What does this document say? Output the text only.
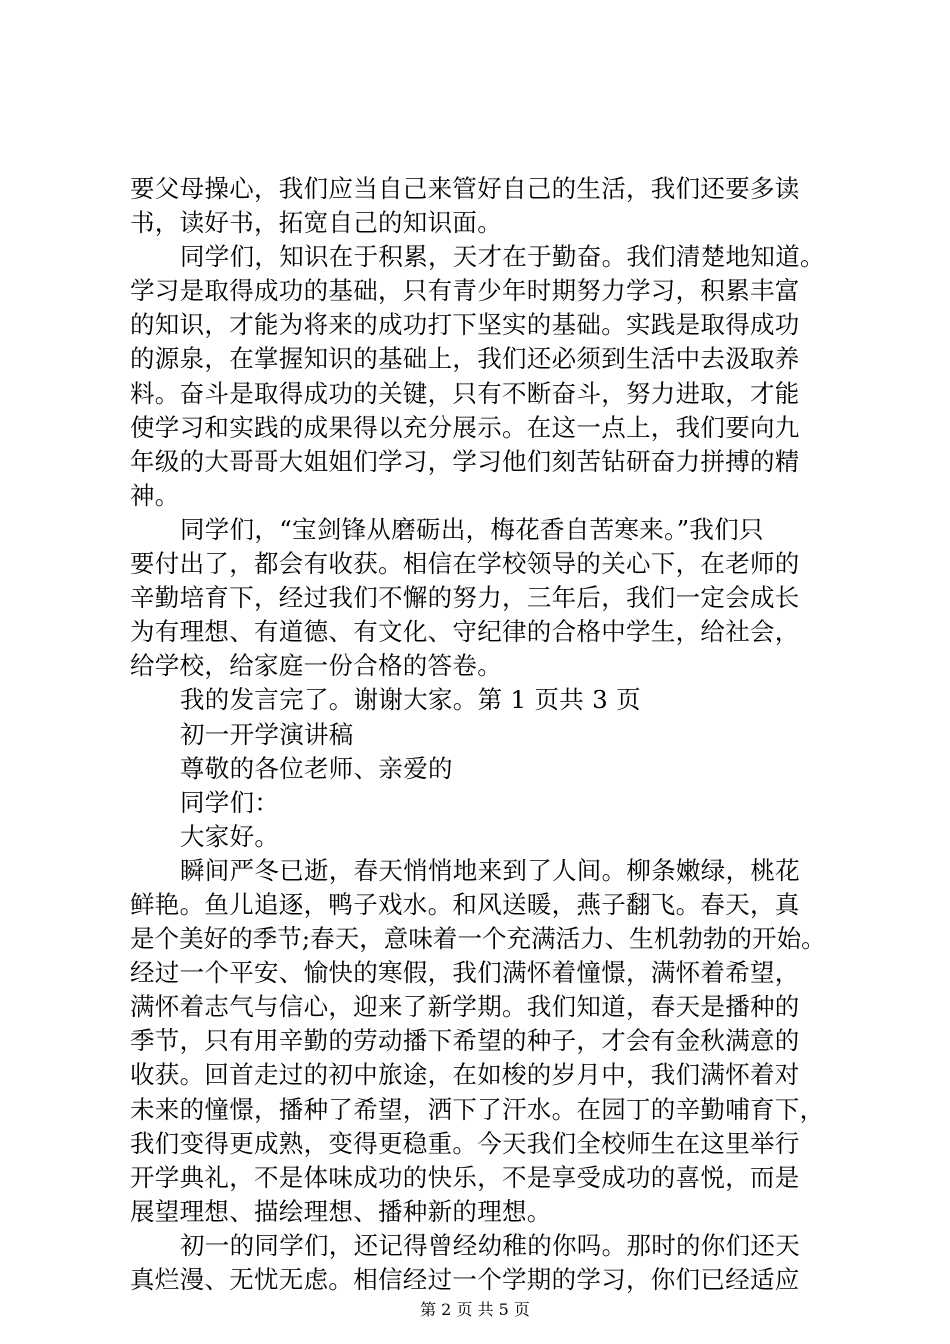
要父母操心，我们应当自己来管好自己的生活，我们还要多读
书，读好书，拓宽自己的知识面。
同学们，知识在于积累，天才在于勤奋。我们清楚地知道。
学习是取得成功的基础，只有青少年时期努力学习，积累丰富
的知识，才能为将来的成功打下坚实的基础。实践是取得成功
的源泉，在掌握知识的基础上，我们还必须到生活中去汲取养
料。奋斗是取得成功的关键，只有不断奋斗，努力进取，才能
使学习和实践的成果得以充分展示。在这一点上，我们要向九
年级的大哥哥大姐姐们学习，学习他们刻苦钻研奋力拼搏的精
神。
同学们，“宝剑锋从磨砺出，梅花香自苦寒来。”我们只
要付出了，都会有收获。相信在学校领导的关心下，在老师的
辛勤培育下，经过我们不懈的努力，三年后，我们一定会成长
为有理想、有道德、有文化、守纪律的合格中学生，给社会，
给学校，给家庭一份合格的答卷。
我的发言完了。谢谢大家。第 1 页共 3 页
初一开学演讲稿
尊敬的各位老师、亲爱的
同学们：
大家好。
瞬间严冬已逝，春天悄悄地来到了人间。柳条嫩绿，桃花
鲜艳。鱼儿追逐，鸭子戏水。和风送暖，燕子翻飞。春天，真
是个美好的季节;春天，意味着一个充满活力、生机勃勃的开始。
经过一个平安、愉快的寒假，我们满怀着憧憬，满怀着希望，
满怀着志气与信心，迎来了新学期。我们知道，春天是播种的
季节，只有用辛勤的劳动播下希望的种子，才会有金秋满意的
收获。回首走过的初中旅途，在如梭的岁月中，我们满怀着对
未来的憧憬，播种了希望，洒下了汗水。在园丁的辛勤哺育下，
我们变得更成熟，变得更稳重。今天我们全校师生在这里举行
开学典礼，不是体味成功的快乐，不是享受成功的喜悦，而是
展望理想、描绘理想、播种新的理想。
初一的同学们，还记得曾经幼稚的你吗。那时的你们还天
真烂漫、无忧无虑。相信经过一个学期的学习，你们已经适应
第 2 页 共 5 页
